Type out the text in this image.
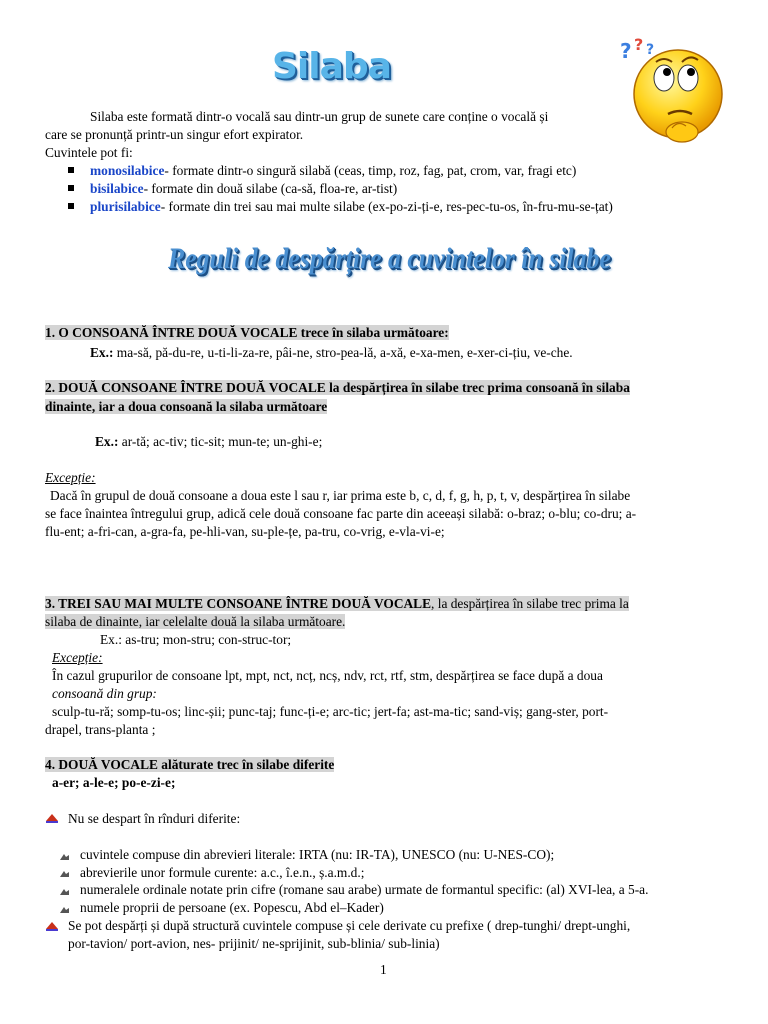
Silaba	? ? ?
Silaba este formată dintr-o vocală sau dintr-un grup de sunete care conține o vocală și
care se pronunță printr-un singur efort expirator.
Cuvintele pot fi:
monosilabice- formate dintr-o singură silabă (ceas, timp, roz, fag, pat, crom, var, fragi etc)
bisilabice- formate din două silabe (ca-să, floa-re, ar-tist)
plurisilabice- formate din trei sau mai multe silabe (ex-po-zi-ți-e, res-pec-tu-os, în-fru-mu-se-țat)
Reguli de despărțire a cuvintelor în silabe
1. O CONSOANĂ ÎNTRE DOUĂ VOCALE trece în silaba următoare:
Ex.: ma-să, pă-du-re, u-ti-li-za-re, pâi-ne, stro-pea-lă, a-xă, e-xa-men, e-xer-ci-țiu, ve-che.
2. DOUĂ CONSOANE ÎNTRE DOUĂ VOCALE la despărțirea în silabe trec prima consoană în silaba
dinainte, iar a doua consoană la silaba următoare
Ex.: ar-tă; ac-tiv; tic-sit; mun-te; un-ghi-e;
Excepție:
Dacă în grupul de două consoane a doua este l sau r, iar prima este b, c, d, f, g, h, p, t, v, despărțirea în silabe
se face înaintea întregului grup, adică cele două consoane fac parte din aceeași silabă: o-braz; o-blu; co-dru; a-
flu-ent; a-fri-can, a-gra-fa, pe-hli-van, su-ple-țe, pa-tru, co-vrig, e-vla-vi-e;
3. TREI SAU MAI MULTE CONSOANE ÎNTRE DOUĂ VOCALE, la despărțirea în silabe trec prima la
silaba de dinainte, iar celelalte două la silaba următoare.
Ex.: as-tru; mon-stru; con-struc-tor;
Excepție:
În cazul grupurilor de consoane lpt, mpt, nct, ncț, ncș, ndv, rct, rtf, stm, despărțirea se face după a doua
consoană din grup:
sculp-tu-ră; somp-tu-os; linc-șii; punc-taj; func-ți-e; arc-tic; jert-fa; ast-ma-tic; sand-viș; gang-ster, port-
drapel, trans-planta ;
4. DOUĂ VOCALE alăturate trec în silabe diferite
a-er; a-le-e; po-e-zi-e;
Nu se despart în rînduri diferite:
cuvintele compuse din abrevieri literale: IRTA (nu: IR-TA), UNESCO (nu: U-NES-CO);
abrevierile unor formule curente: a.c., î.e.n., ș.a.m.d.;
numeralele ordinale notate prin cifre (romane sau arabe) urmate de formantul specific: (al) XVI-lea, a 5-a.
numele proprii de persoane (ex. Popescu, Abd el–Kader)
Se pot despărți și după structură cuvintele compuse și cele derivate cu prefixe ( drep-tunghi/ drept-unghi,
por-tavion/ port-avion, nes- prijinit/ ne-sprijinit, sub-blinia/ sub-linia)
1
